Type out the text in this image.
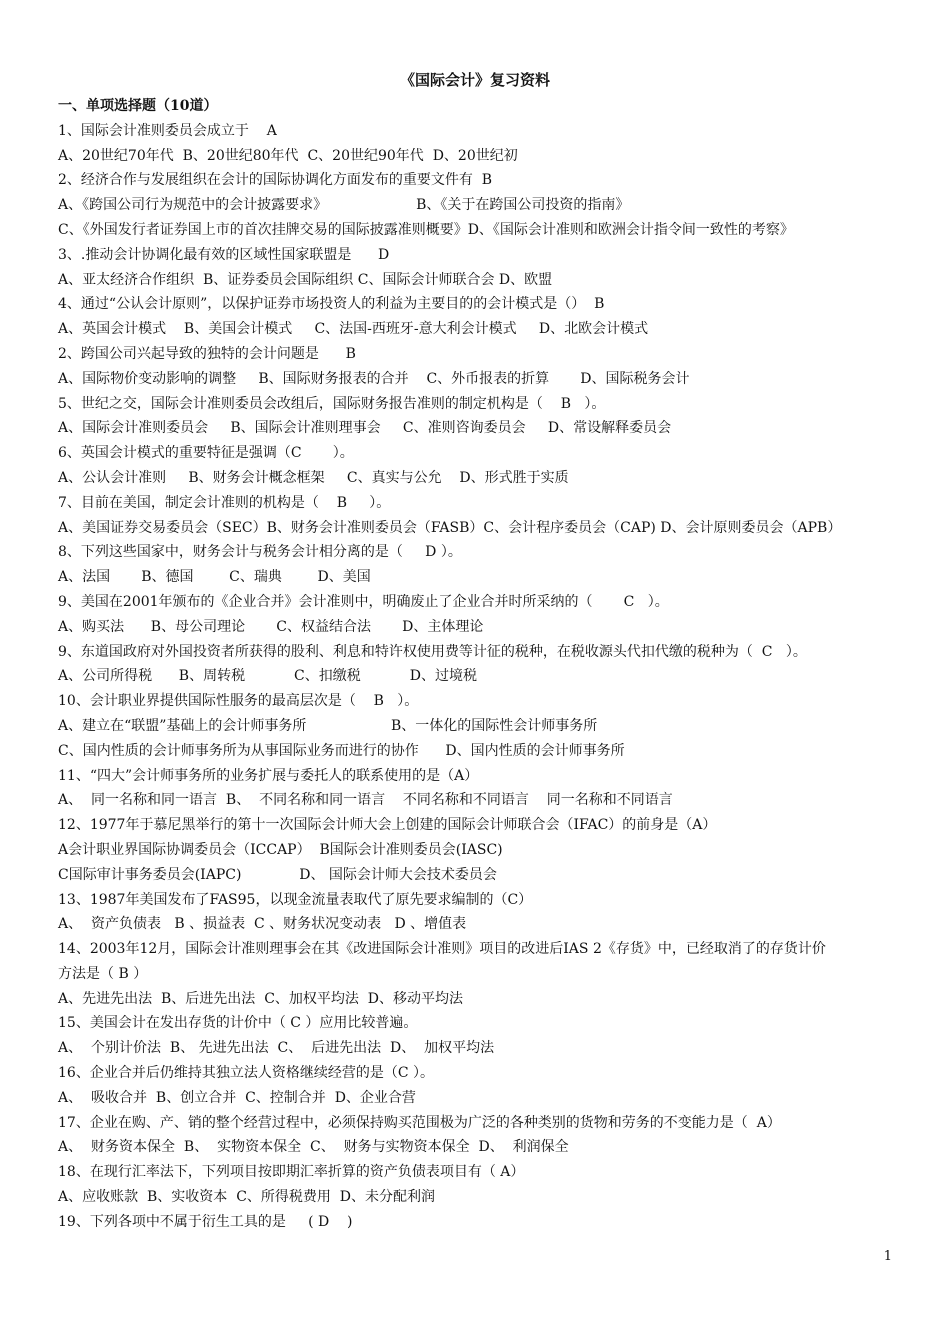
《国际会计》复习资料
一、单项选择题（10道）
1、国际会计准则委员会成立于    A
A、20世纪70年代  B、20世纪80年代  C、20世纪90年代  D、20世纪初
2、经济合作与发展组织在会计的国际协调化方面发布的重要文件有  B
A、《跨国公司行为规范中的会计披露要求》                    B、《关于在跨国公司投资的指南》
C、《外国发行者证券国上市的首次挂牌交易的国际披露准则概要》D、《国际会计准则和欧洲会计指令间一致性的考察》
3、.推动会计协调化最有效的区域性国家联盟是      D
A、亚太经济合作组织  B、证券委员会国际组织 C、国际会计师联合会 D、欧盟
4、通过“公认会计原则”，以保护证券市场投资人的利益为主要目的的会计模式是（）  B
A、英国会计模式    B、美国会计模式     C、法国-西班牙-意大利会计模式     D、北欧会计模式
2、跨国公司兴起导致的独特的会计问题是      B
A、国际物价变动影响的调整     B、国际财务报表的合并    C、外币报表的折算       D、国际税务会计
5、世纪之交，国际会计准则委员会改组后，国际财务报告准则的制定机构是（    B   ）。
A、国际会计准则委员会     B、国际会计准则理事会     C、准则咨询委员会     D、常设解释委员会
6、英国会计模式的重要特征是强调（C       ）。
A、公认会计准则     B、财务会计概念框架     C、真实与公允    D、形式胜于实质
7、目前在美国，制定会计准则的机构是（    B     ）。
A、美国证券交易委员会（SEC）B、财务会计准则委员会（FASB）C、会计程序委员会（CAP) D、会计原则委员会（APB）
8、下列这些国家中，财务会计与税务会计相分离的是（     D ）。
A、法国       B、德国        C、瑞典        D、美国
9、美国在2001年颁布的《企业合并》会计准则中，明确废止了企业合并时所采纳的（       C   ）。
A、购买法      B、母公司理论       C、权益结合法       D、主体理论
9、东道国政府对外国投资者所获得的股利、利息和特许权使用费等计征的税种，在税收源头代扣代缴的税种为（  C   ）。
A、公司所得税      B、周转税           C、扣缴税           D、过境税
10、会计职业界提供国际性服务的最高层次是（    B   ）。
A、建立在“联盟”基础上的会计师事务所                   B、一体化的国际性会计师事务所
C、国内性质的会计师事务所为从事国际业务而进行的协作      D、国内性质的会计师事务所
11、“四大”会计师事务所的业务扩展与委托人的联系使用的是（A）
A、  同一名称和同一语言  B、  不同名称和同一语言    不同名称和不同语言    同一名称和不同语言
12、1977年于慕尼黑举行的第十一次国际会计师大会上创建的国际会计师联合会（IFAC）的前身是（A）
A会计职业界国际协调委员会（ICCAP）  B国际会计准则委员会(IASC)
C国际审计事务委员会(IAPC)             D、 国际会计师大会技术委员会
13、1987年美国发布了FAS95，以现金流量表取代了原先要求编制的（C）
A、  资产负债表   B 、损益表  C 、财务状况变动表   D 、增值表
14、2003年12月，国际会计准则理事会在其《改进国际会计准则》项目的改进后IAS 2《存货》中，已经取消了的存货计价
方法是（ B ）
A、先进先出法  B、后进先出法  C、加权平均法  D、移动平均法
15、美国会计在发出存货的计价中（ C ）应用比较普遍。
A、  个别计价法  B、 先进先出法  C、  后进先出法  D、  加权平均法
16、企业合并后仍维持其独立法人资格继续经营的是（C ）。
A、  吸收合并  B、创立合并  C、控制合并  D、企业合营
17、企业在购、产、销的整个经营过程中，必须保持购买范围极为广泛的各种类别的货物和劳务的不变能力是（  A）
A、  财务资本保全  B、  实物资本保全  C、  财务与实物资本保全  D、  利润保全
18、在现行汇率法下，下列项目按即期汇率折算的资产负债表项目有（ A）
A、应收账款  B、实收资本  C、所得税费用  D、未分配利润
19、下列各项中不属于衍生工具的是     ( D    )
1
